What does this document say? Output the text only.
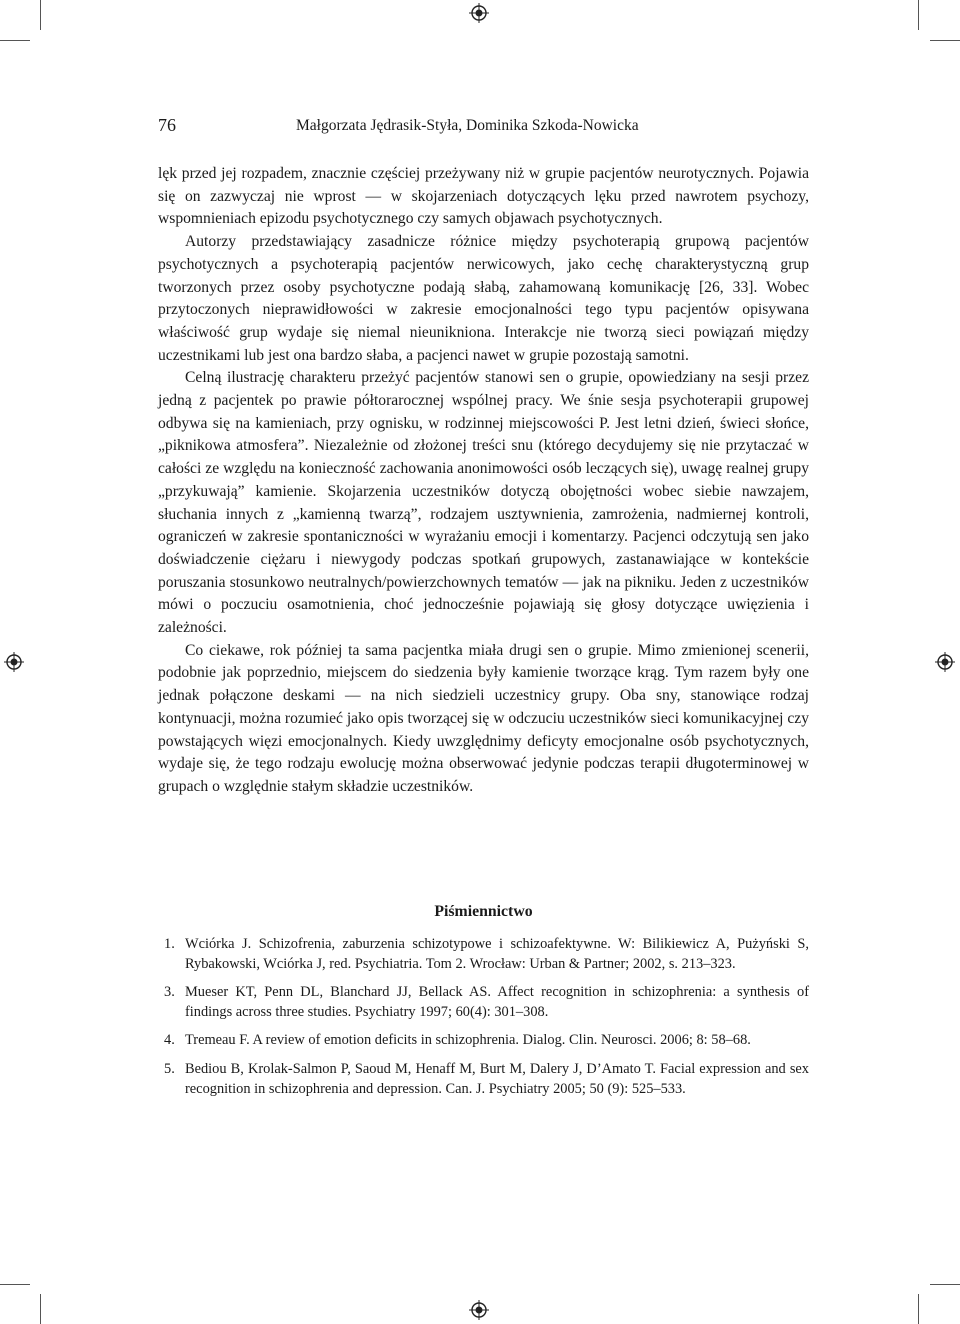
76	Małgorzata Jędrasik-Styła, Dominika Szkoda-Nowicka

lęk przed jej rozpadem, znacznie częściej przeżywany niż w grupie pacjentów neurotycznych. Pojawia się on zazwyczaj nie wprost — w skojarzeniach dotyczących lęku przed nawrotem psychozy, wspomnieniach epizodu psychotycznego czy samych objawach psychotycznych.

Autorzy przedstawiający zasadnicze różnice między psychoterapią grupową pacjentów psychotycznych a psychoterapią pacjentów nerwicowych, jako cechę charakterystyczną grup tworzonych przez osoby psychotyczne podają słabą, zahamowaną komunikację [26, 33]. Wobec przytoczonych nieprawidłowości w zakresie emocjonalności tego typu pacjentów opisywana właściwość grup wydaje się niemal nieunikniona. Interakcje nie tworzą sieci powiązań między uczestnikami lub jest ona bardzo słaba, a pacjenci nawet w grupie pozostają samotni.

Celną ilustrację charakteru przeżyć pacjentów stanowi sen o grupie, opowiedziany na sesji przez jedną z pacjentek po prawie półtorarocznej wspólnej pracy. We śnie sesja psychoterapii grupowej odbywa się na kamieniach, przy ognisku, w rodzinnej miejscowości P. Jest letni dzień, świeci słońce, „piknikowa atmosfera”. Niezależnie od złożonej treści snu (którego decydujemy się nie przytaczać w całości ze względu na konieczność zachowania anonimowości osób leczących się), uwagę realnej grupy „przykuwają” kamienie. Skojarzenia uczestników dotyczą obojętności wobec siebie nawzajem, słuchania innych z „kamienną twarzą”, rodzajem usztywnienia, zamrożenia, nadmiernej kontroli, ograniczeń w zakresie spontaniczności w wyrażaniu emocji i komentarzy. Pacjenci odczytują sen jako doświadczenie ciężaru i niewygody podczas spotkań grupowych, zastanawiające w kontekście poruszania stosunkowo neutralnych/powierzchownych tematów — jak na pikniku. Jeden z uczestników mówi o poczuciu osamotnienia, choć jednocześnie pojawiają się głosy dotyczące uwięzienia i zależności.

Co ciekawe, rok później ta sama pacjentka miała drugi sen o grupie. Mimo zmienionej scenerii, podobnie jak poprzednio, miejscem do siedzenia były kamienie tworzące krąg. Tym razem były one jednak połączone deskami — na nich siedzieli uczestnicy grupy. Oba sny, stanowiące rodzaj kontynuacji, można rozumieć jako opis tworzącej się w odczuciu uczestników sieci komunikacyjnej czy powstających więzi emocjonalnych. Kiedy uwzględnimy deficyty emocjonalne osób psychotycznych, wydaje się, że tego rodzaju ewolucję można obserwować jedynie podczas terapii długoterminowej w grupach o względnie stałym składzie uczestników.

Piśmiennictwo
1. Wciórka J. Schizofrenia, zaburzenia schizotypowe i schizoafektywne. W: Bilikiewicz A, Pużyński S, Rybakowski, Wciórka J, red. Psychiatria. Tom 2. Wrocław: Urban & Partner; 2002, s. 213–323.
3. Mueser KT, Penn DL, Blanchard JJ, Bellack AS. Affect recognition in schizophrenia: a synthesis of findings across three studies. Psychiatry 1997; 60(4): 301–308.
4. Tremeau F. A review of emotion deficits in schizophrenia. Dialog. Clin. Neurosci. 2006; 8: 58–68.
5. Bediou B, Krolak-Salmon P, Saoud M, Henaff M, Burt M, Dalery J, D’Amato T. Facial expression and sex recognition in schizophrenia and depression. Can. J. Psychiatry 2005; 50 (9): 525–533.
